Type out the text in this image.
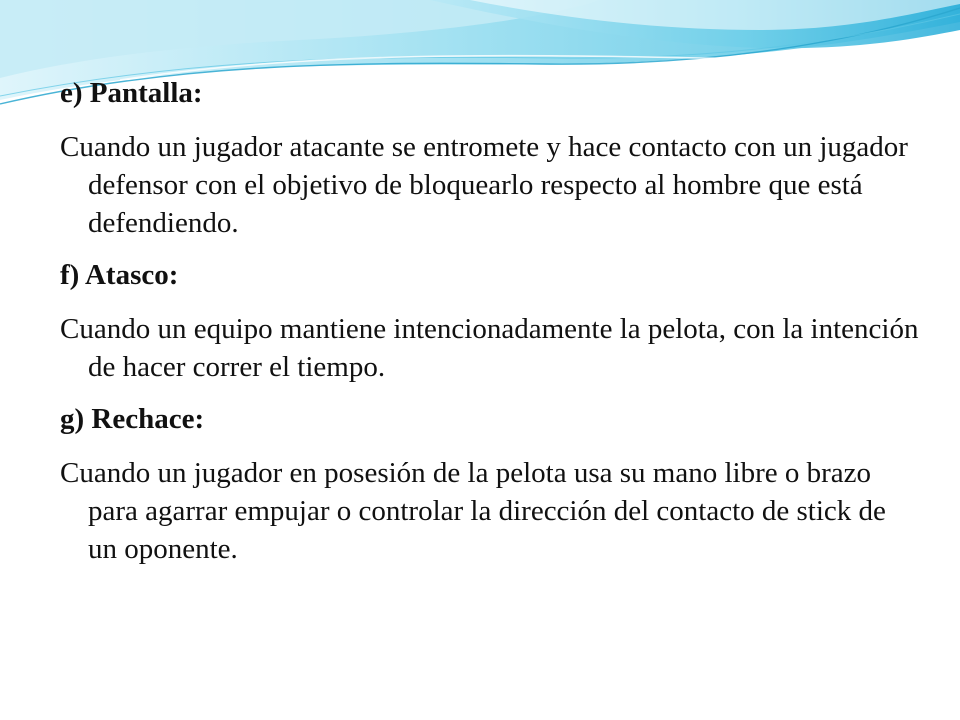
e) Pantalla:
Cuando un jugador atacante se entromete y hace contacto con un jugador defensor con el objetivo de bloquearlo respecto al hombre que está defendiendo.
f) Atasco:
Cuando un equipo mantiene intencionadamente la pelota, con la intención de hacer correr el tiempo.
g) Rechace:
Cuando un jugador en posesión de la pelota usa su mano libre o brazo para agarrar empujar o controlar la dirección del contacto de stick de un oponente.
